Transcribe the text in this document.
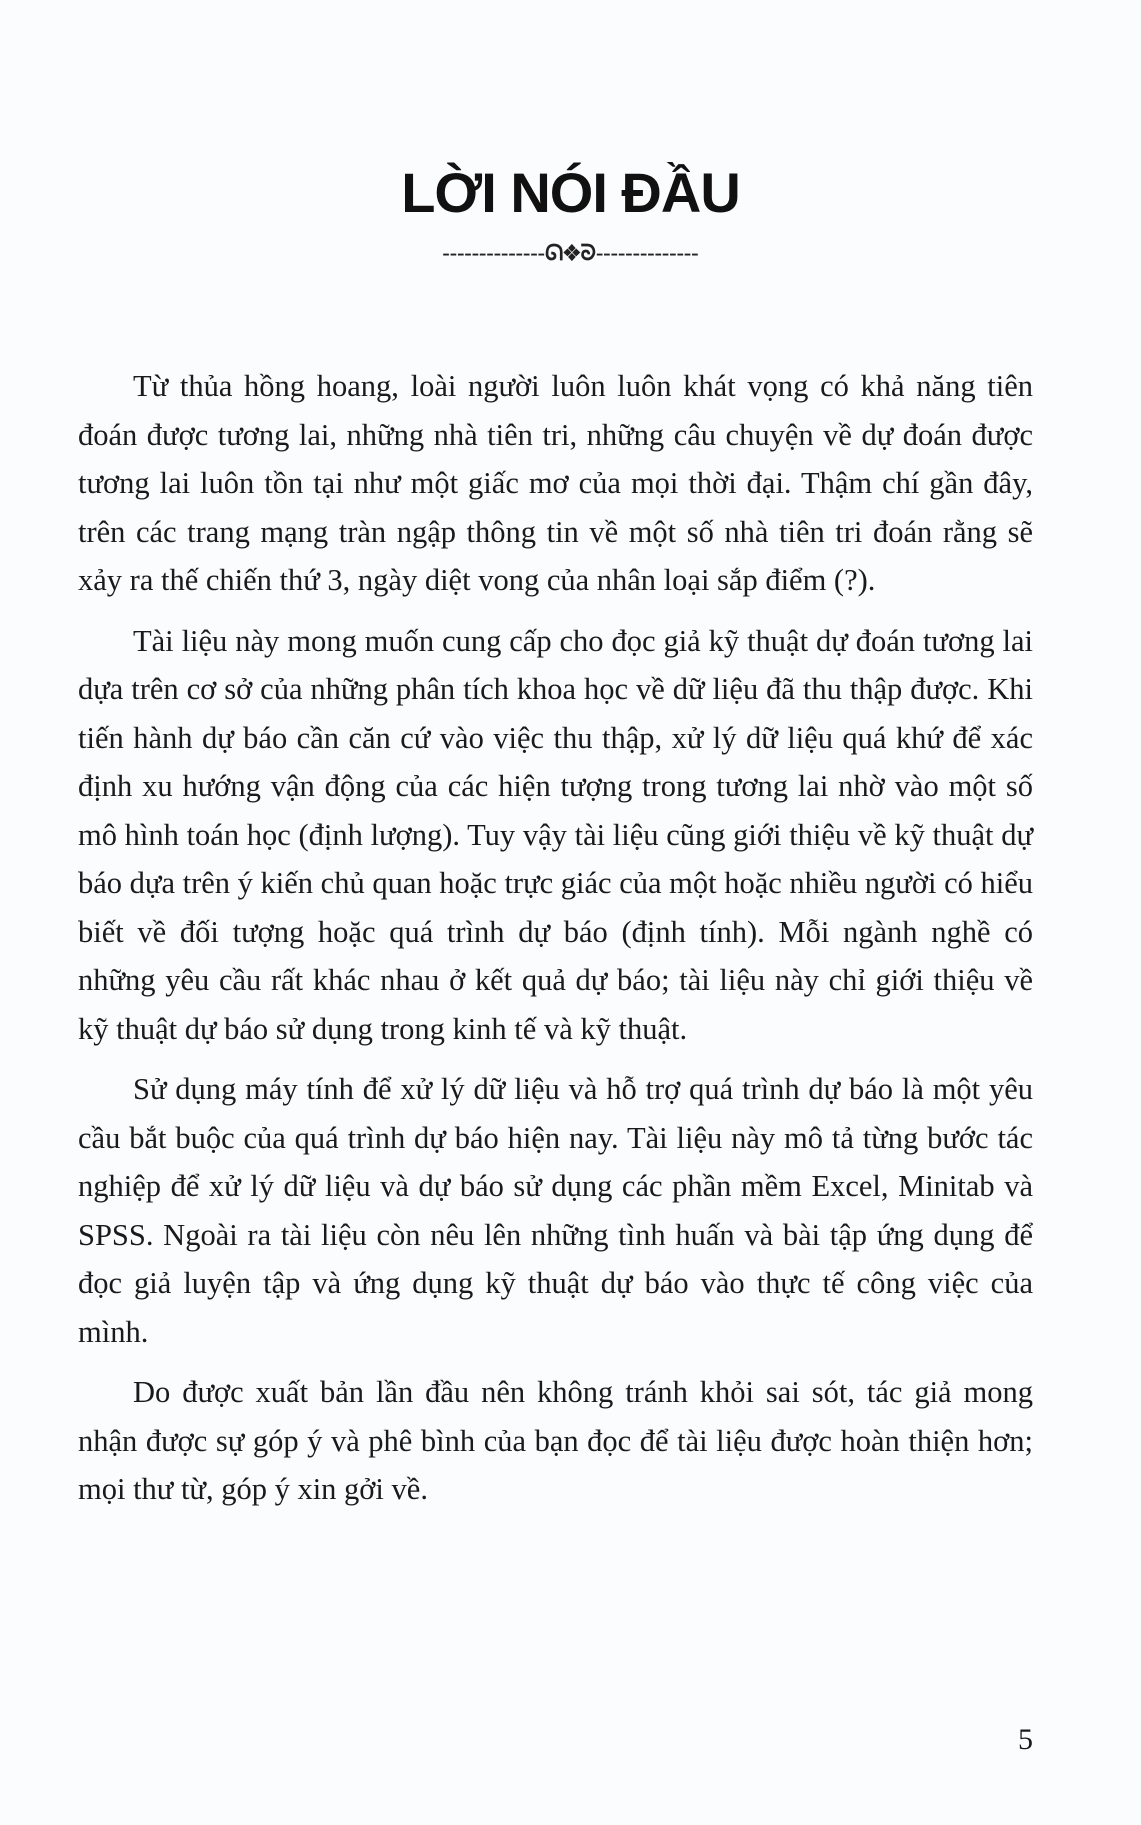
LỜI NÓI ĐẦU
--------------ᘏ❖ᘐ--------------

Từ thủa hồng hoang, loài người luôn luôn khát vọng có khả năng tiên đoán được tương lai, những nhà tiên tri, những câu chuyện về dự đoán được tương lai luôn tồn tại như một giấc mơ của mọi thời đại. Thậm chí gần đây, trên các trang mạng tràn ngập thông tin về một số nhà tiên tri đoán rằng sẽ xảy ra thế chiến thứ 3, ngày diệt vong của nhân loại sắp điểm (?).

Tài liệu này mong muốn cung cấp cho đọc giả kỹ thuật dự đoán tương lai dựa trên cơ sở của những phân tích khoa học về dữ liệu đã thu thập được. Khi tiến hành dự báo cần căn cứ vào việc thu thập, xử lý dữ liệu quá khứ để xác định xu hướng vận động của các hiện tượng trong tương lai nhờ vào một số mô hình toán học (định lượng). Tuy vậy tài liệu cũng giới thiệu về kỹ thuật dự báo dựa trên ý kiến chủ quan hoặc trực giác của một hoặc nhiều người có hiểu biết về đối tượng hoặc quá trình dự báo (định tính). Mỗi ngành nghề có những yêu cầu rất khác nhau ở kết quả dự báo; tài liệu này chỉ giới thiệu về kỹ thuật dự báo sử dụng trong kinh tế và kỹ thuật.

Sử dụng máy tính để xử lý dữ liệu và hỗ trợ quá trình dự báo là một yêu cầu bắt buộc của quá trình dự báo hiện nay. Tài liệu này mô tả từng bước tác nghiệp để xử lý dữ liệu và dự báo sử dụng các phần mềm Excel, Minitab và SPSS. Ngoài ra tài liệu còn nêu lên những tình huấn và bài tập ứng dụng để đọc giả luyện tập và ứng dụng kỹ thuật dự báo vào thực tế công việc của mình.

Do được xuất bản lần đầu nên không tránh khỏi sai sót, tác giả mong nhận được sự góp ý và phê bình của bạn đọc để tài liệu được hoàn thiện hơn; mọi thư từ, góp ý xin gởi về.

5
